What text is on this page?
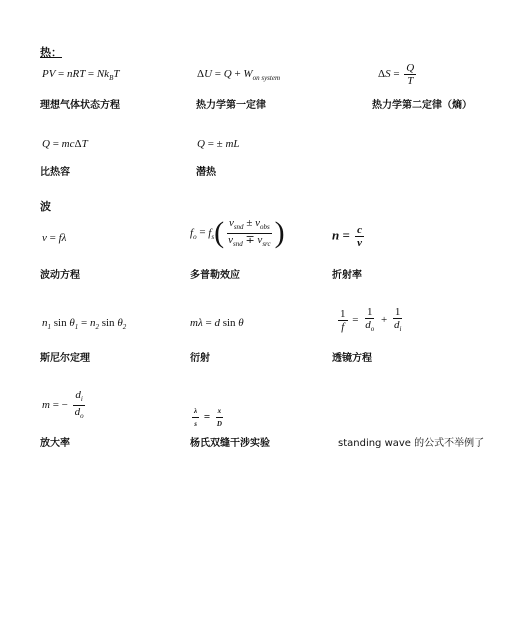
热：
PV = nRT = $Nk_BT$	$\Delta U = Q + W_{on system}$	$\Delta S = \frac{Q}{T}$
理想气体状态方程	热力学第一定律	热力学第二定律（熵）
Q = mcΔT	Q = ± mL
比热容	潜热
波
v = fλ	$f_o = f_s( \frac{v_{snd} \pm v_{obs}}{v_{snd} \mp v_{src}}$ )	$n = \frac{c}{v}$
波动方程	多普勒效应	折射率
$n_1$ $\sin \theta_1 = n_2$ $\sin \theta_2$	mλ = d sin θ	$\frac{1}{f} = \frac{1}{d_o} + \frac{1}{d_i}$
斯尼尔定理	衍射	透镜方程
m = − $\frac{d_i}{d_o}$	$\frac{\lambda}{s} = \frac{x}{D}$
放大率	杨氏双缝干涉实验	standing wave 的公式不举例了
